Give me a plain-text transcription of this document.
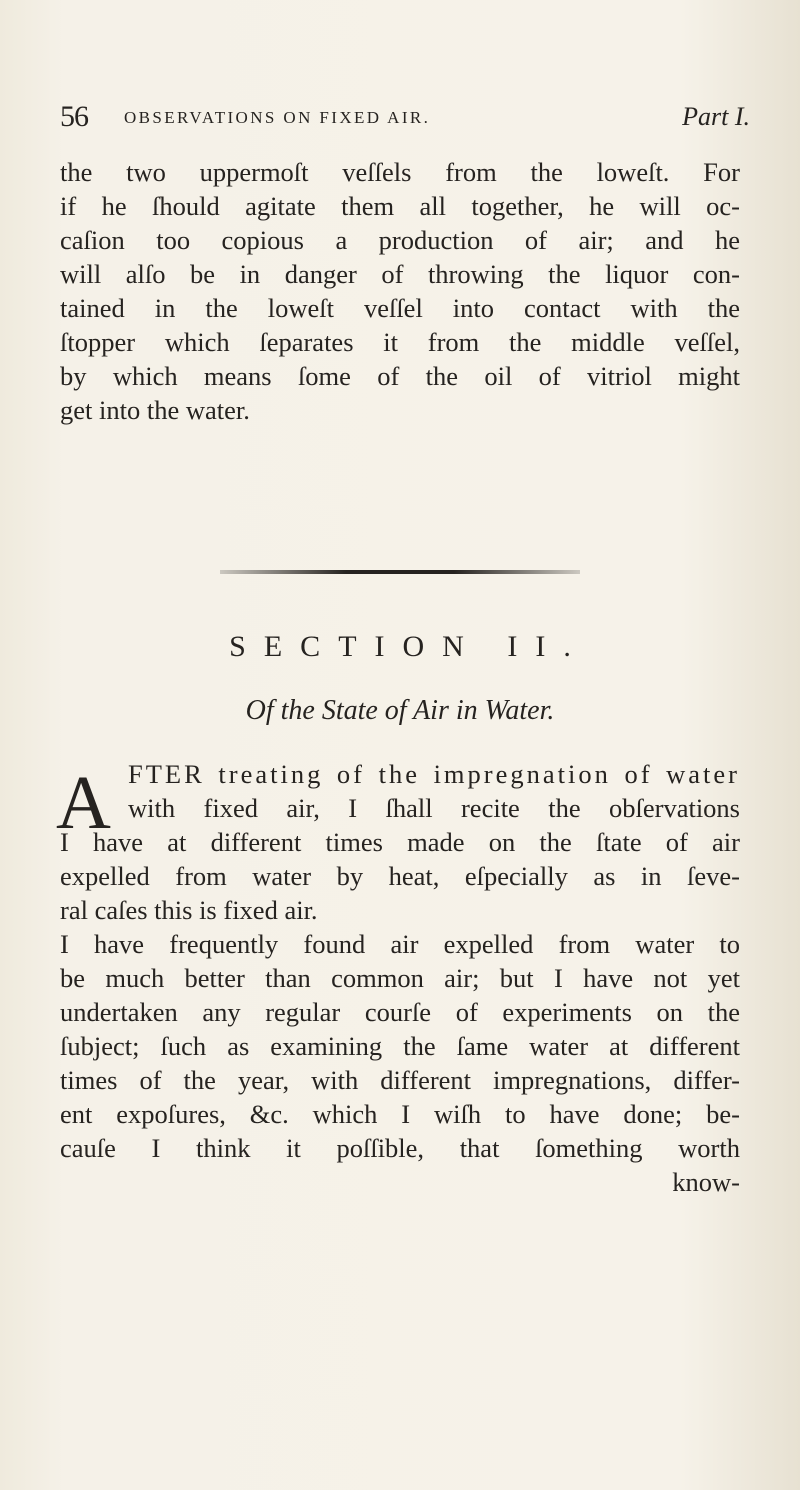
56 OBSERVATIONS ON FIXED AIR.	Part I.
the two uppermoſt veſſels from the loweſt. For
if he ſhould agitate them all together, he will oc-
caſion too copious a production of air; and he
will alſo be in danger of throwing the liquor con-
tained in the loweſt veſſel into contact with the
ſtopper which ſeparates it from the middle veſſel,
by which means ſome of the oil of vitriol might
get into the water.
SECTION II.
Of the State of Air in Water.
A FTER treating of the impregnation of water
with fixed air, I ſhall recite the obſervations
I have at different times made on the ſtate of air
expelled from water by heat, eſpecially as in ſeve-
ral caſes this is fixed air.
I have frequently found air expelled from water to
be much better than common air; but I have not yet
undertaken any regular courſe of experiments on the
ſubject; ſuch as examining the ſame water at different
times of the year, with different impregnations, differ-
ent expoſures, &c. which I wiſh to have done; be-
cauſe I think it poſſible, that ſomething worth
know-
